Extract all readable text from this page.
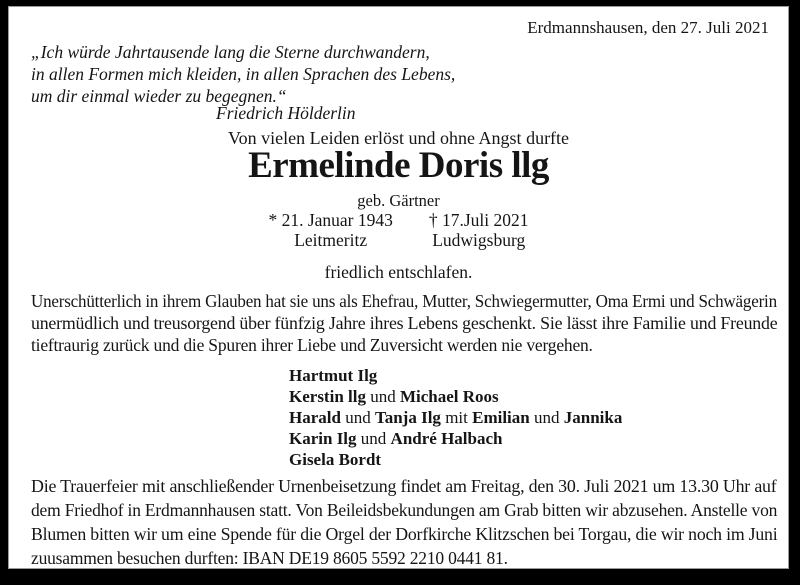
Erdmannshausen, den 27. Juli 2021
„Ich würde Jahrtausende lang die Sterne durchwandern,
in allen Formen mich kleiden, in allen Sprachen des Lebens,
um dir einmal wieder zu begegnen.“
Friedrich Hölderlin
Von vielen Leiden erlöst und ohne Angst durfte
Ermelinde Doris llg
geb. Gärtner
* 21. Januar 1943
Leitmeritz
† 17.Juli 2021
Ludwigsburg
friedlich entschlafen.
Unerschütterlich in ihrem Glauben hat sie uns als Ehefrau, Mutter, Schwiegermutter, Oma Ermi und Schwägerin
unermüdlich und treusorgend über fünfzig Jahre ihres Lebens geschenkt. Sie lässt ihre Familie und Freunde
tieftraurig zurück und die Spuren ihrer Liebe und Zuversicht werden nie vergehen.
Hartmut Ilg
Kerstin llg und Michael Roos
Harald und Tanja Ilg mit Emilian und Jannika
Karin Ilg und André Halbach
Gisela Bordt
Die Trauerfeier mit anschließender Urnenbeisetzung findet am Freitag, den 30. Juli 2021 um 13.30 Uhr auf
dem Friedhof in Erdmannhausen statt. Von Beileidsbekundungen am Grab bitten wir abzusehen. Anstelle von
Blumen bitten wir um eine Spende für die Orgel der Dorfkirche Klitzschen bei Torgau, die wir noch im Juni
zuusammen besuchen durften: IBAN DE19 8605 5592 2210 0441 81.
